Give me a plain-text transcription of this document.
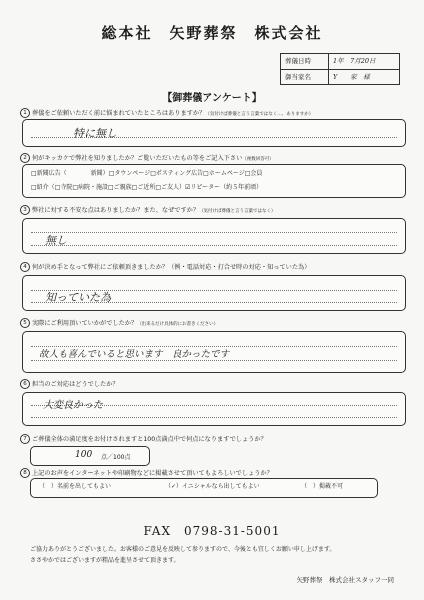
総本社　矢野葬祭　株式会社
葬儀日時	1年　7月20日
御当家名	Y　　家　様
【御葬儀アンケート】
1 葬儀をご依頼いただく前に悩まれていたところはありますか？（気付けば葬儀と言う言葉ではなく…、ありますか）
特に無し
2 何がキッカケで弊社を知りましたか？ご覧いただいたもの等をご記入下さい（複数回答可）
□新聞広告（　　　　新聞）□タウンページ□ポスティング広告□ホームページ□会員
□紹介（□寺院□病院・施設□ご親族□ご近所□ご友人）☑リピーター（約５年前頃）
3 弊社に対する不安な点はありましたか？また、なぜですか？（気付けば葬儀と言う言葉ではなく）
無し
4 何が決め手となって弊社にご依頼頂きましたか？（例・電話対応・打合せ時の対応・知っていた為）
知っていた為
5 実際にご利用頂いていかがでしたか？（出来るだけ具体的にお書きください）
故人も喜んでいると思います　良かったです
6 担当のご対応はどうでしたか？
大変良かった
7 ご葬儀全体の満足度をお付けされますと100点満点中で何点になりますでしょうか？
100 点／100点
8 上記のお声をインターネットや印刷物などに掲載させて頂いてもよろしいでしょうか？
（　）名前を出してもよい	（✓）イニシャルなら出してもよい	（　）掲載不可
FAX　0798-31-5001
ご協力ありがとうございました。お客様のご意見を反映して参りますので、今後とも宜しくお願い申し上げます。
ささやかではございますが粗品を進呈させて頂きます。
矢野葬祭　株式会社スタッフ一同
